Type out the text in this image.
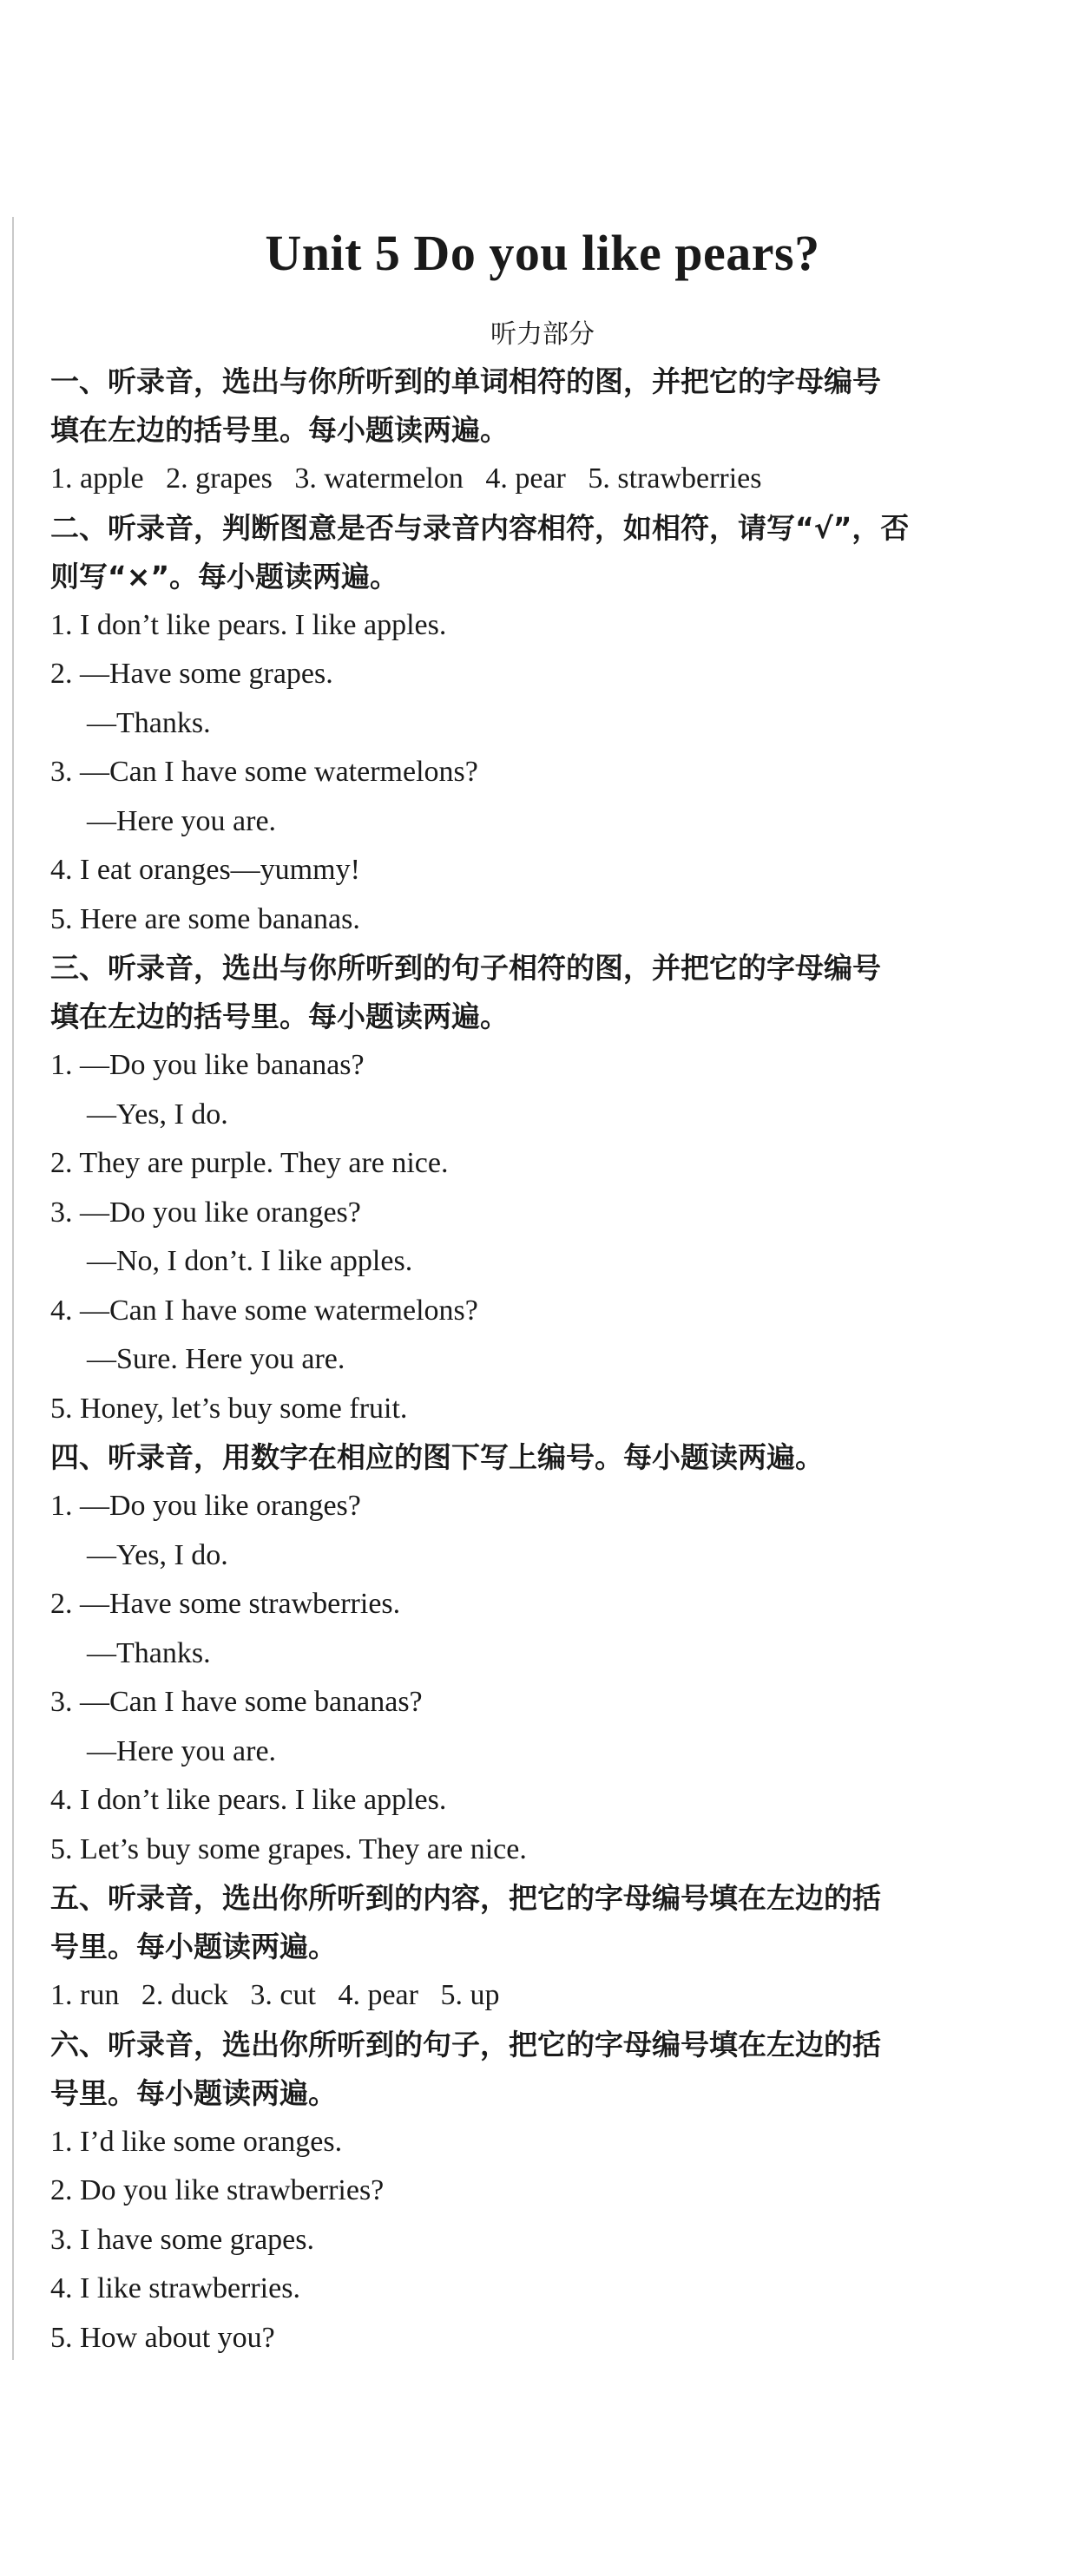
Unit 5 Do you like pears?
听力部分

一、听录音，选出与你所听到的单词相符的图，并把它的字母编号

填在左边的括号里。每小题读两遍。

1. apple   2. grapes   3. watermelon   4. pear   5. strawberries

二、听录音，判断图意是否与录音内容相符，如相符，请写“√”，否

则写“×”。每小题读两遍。

1. I don’t like pears. I like apples.

2. —Have some grapes.

—Thanks.

3. —Can I have some watermelons?

—Here you are.

4. I eat oranges—yummy!

5. Here are some bananas.

三、听录音，选出与你所听到的句子相符的图，并把它的字母编号

填在左边的括号里。每小题读两遍。

1. —Do you like bananas?

—Yes, I do.

2. They are purple. They are nice.

3. —Do you like oranges?

—No, I don’t. I like apples.

4. —Can I have some watermelons?

—Sure. Here you are.

5. Honey, let’s buy some fruit.

四、听录音，用数字在相应的图下写上编号。每小题读两遍。

1. —Do you like oranges?

—Yes, I do.

2. —Have some strawberries.

—Thanks.

3. —Can I have some bananas?

—Here you are.

4. I don’t like pears. I like apples.

5. Let’s buy some grapes. They are nice.

五、听录音，选出你所听到的内容，把它的字母编号填在左边的括

号里。每小题读两遍。

1. run   2. duck   3. cut   4. pear   5. up

六、听录音，选出你所听到的句子，把它的字母编号填在左边的括

号里。每小题读两遍。

1. I’d like some oranges.

2. Do you like strawberries?

3. I have some grapes.

4. I like strawberries.

5. How about you?
